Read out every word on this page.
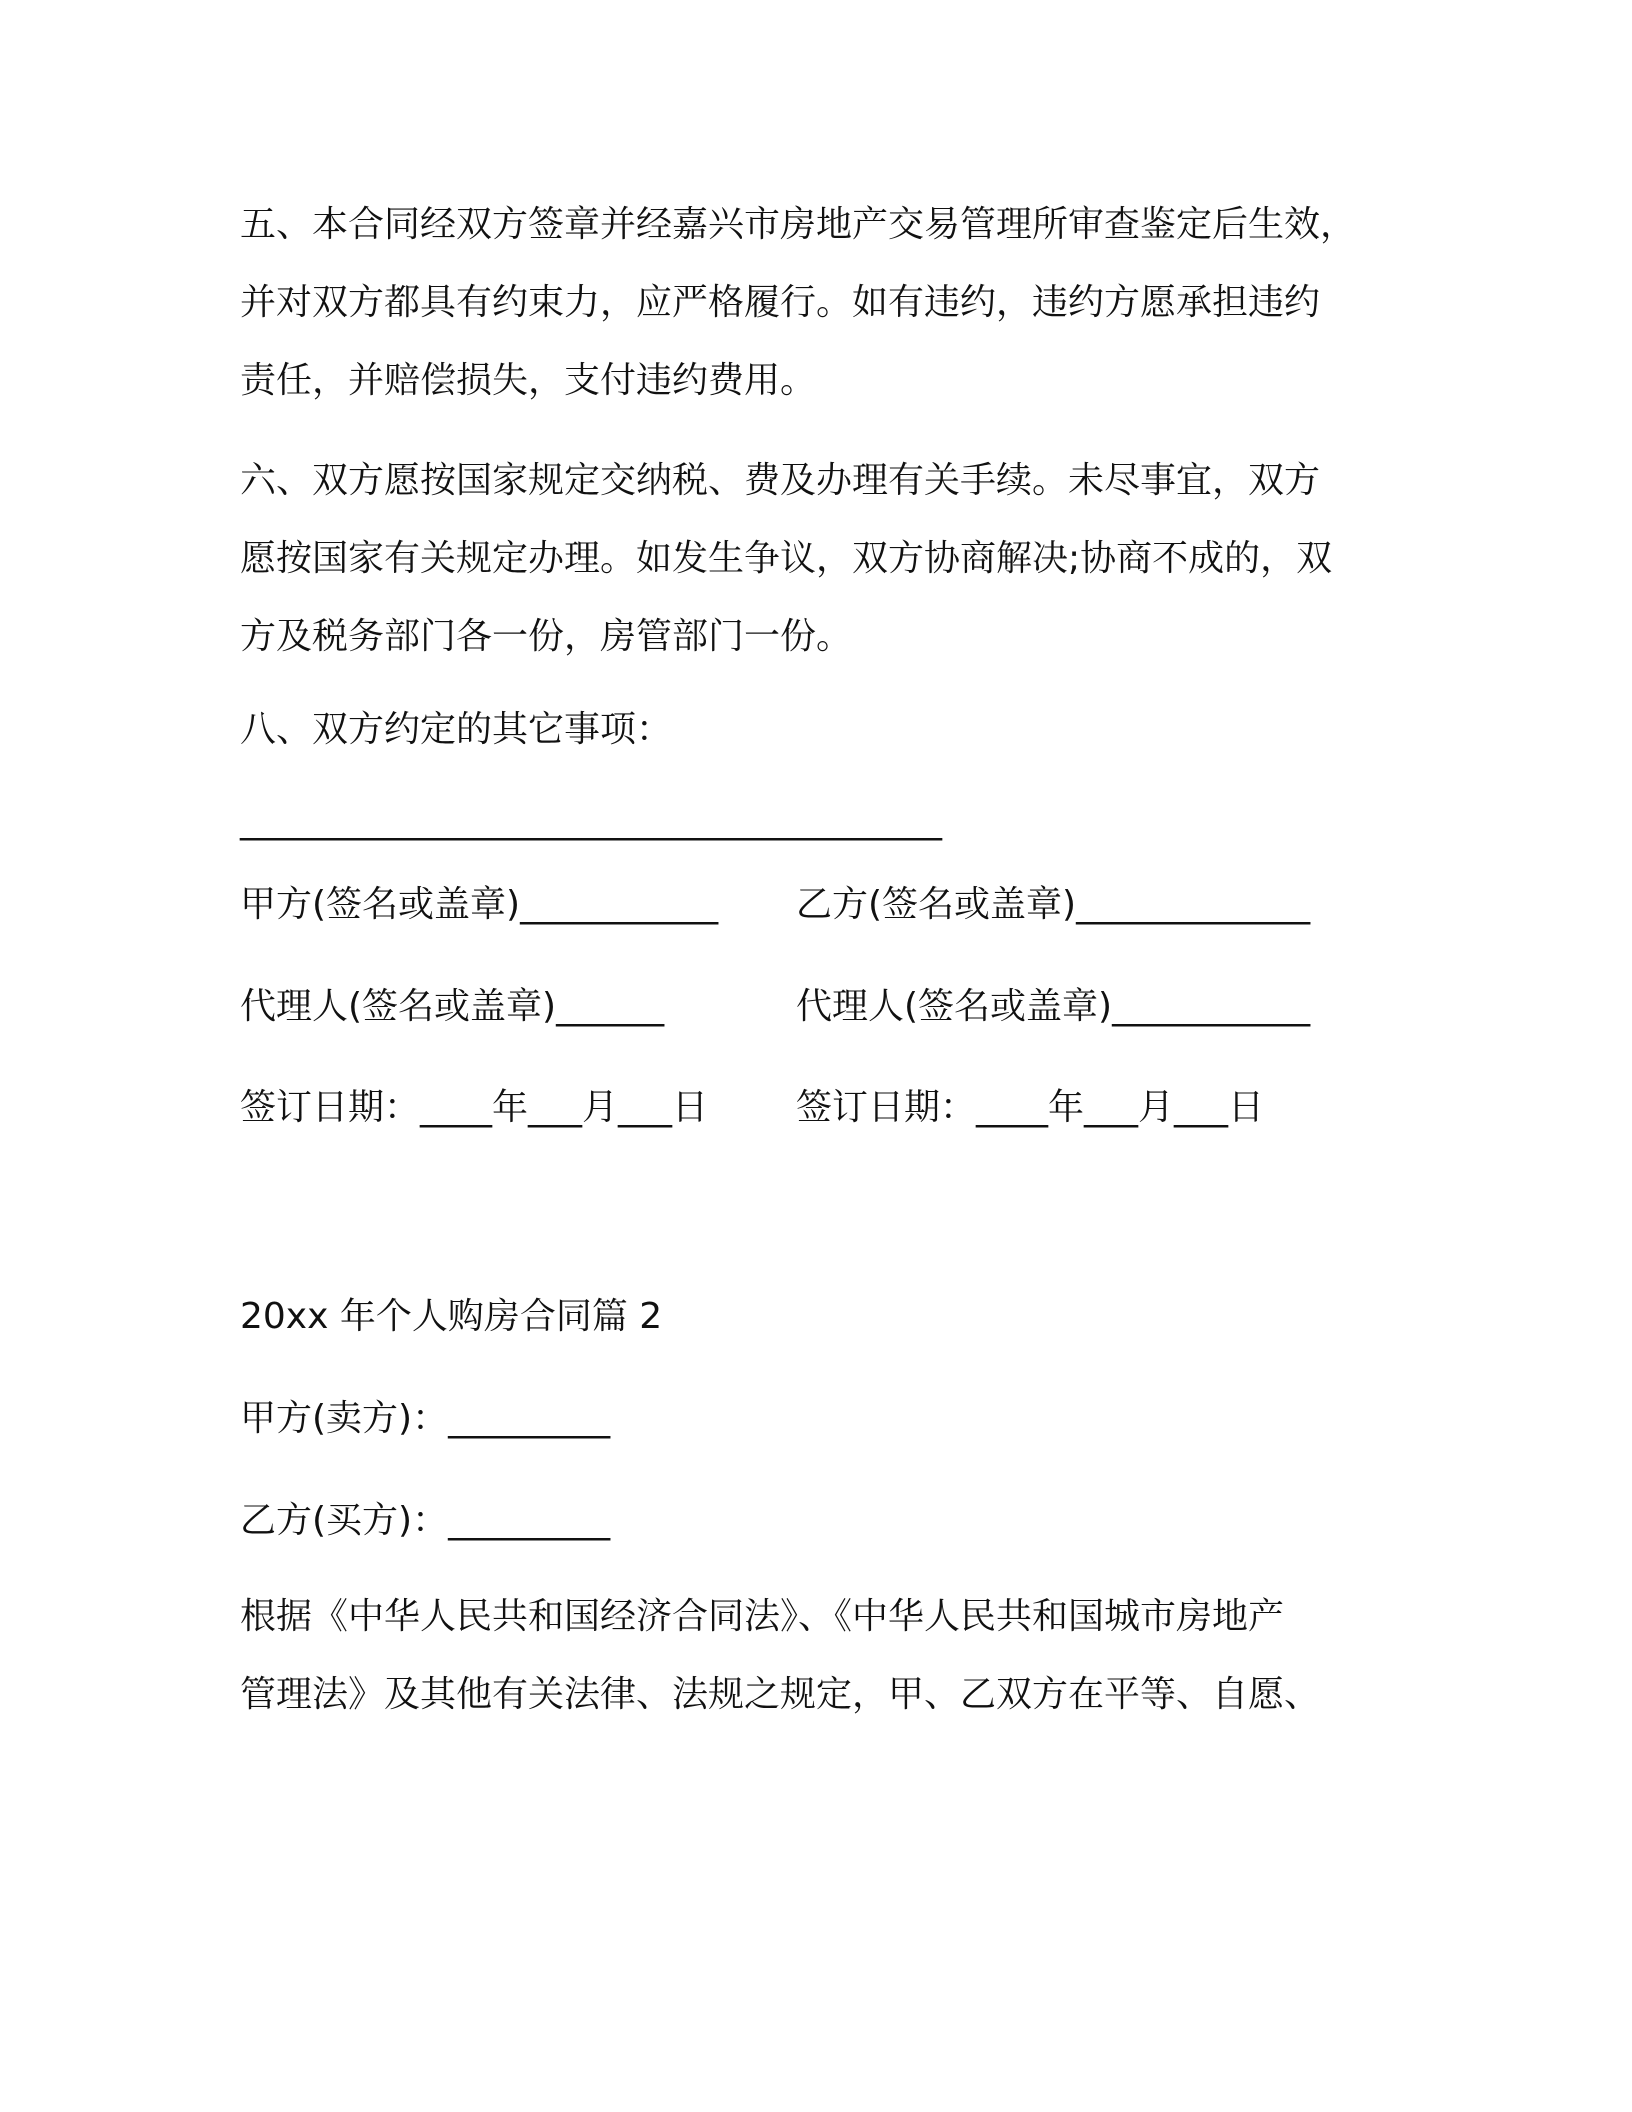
五、本合同经双方签章并经嘉兴市房地产交易管理所审查鉴定后生效，
并对双方都具有约束力，应严格履行。如有违约，违约方愿承担违约
责任，并赔偿损失，支付违约费用。
六、双方愿按国家规定交纳税、费及办理有关手续。未尽事宜，双方
愿按国家有关规定办理。如发生争议，双方协商解决;协商不成的，双
方及税务部门各一份，房管部门一份。

八、双方约定的其它事项：

_______________________________________

甲方(签名或盖章)___________ 乙方(签名或盖章)_____________

代理人(签名或盖章)______	代理人(签名或盖章)___________

签订日期：____年___月___日 签订日期：____年___月___日

20xx 年个人购房合同篇 2

甲方(卖方)：_________

乙方(买方)：_________

根据《中华人民共和国经济合同法》、《中华人民共和国城市房地产
管理法》及其他有关法律、法规之规定，甲、乙双方在平等、自愿、
